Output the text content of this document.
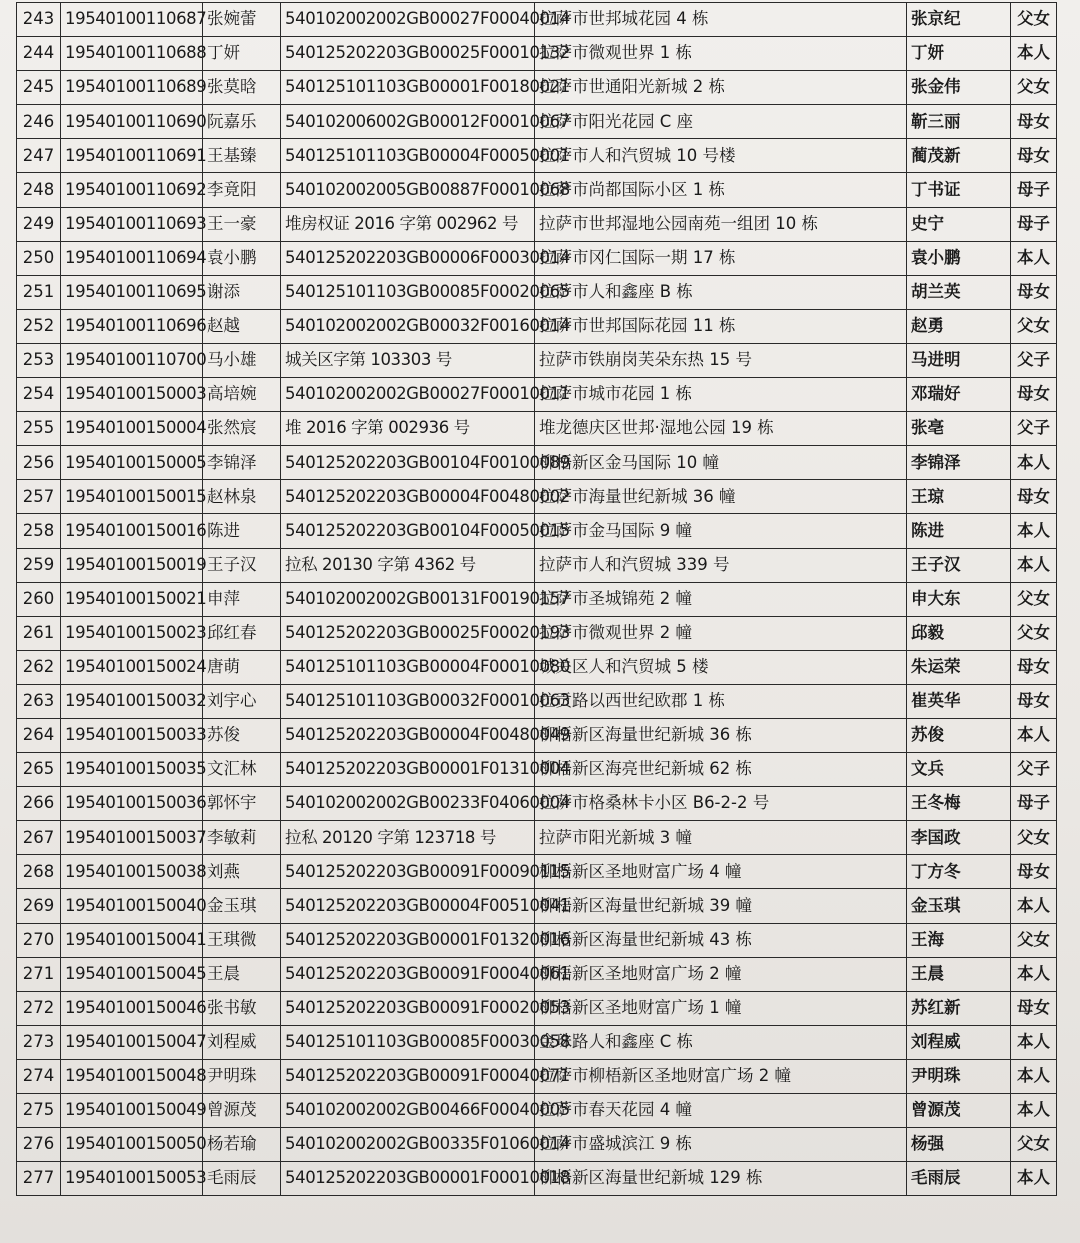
243	19540100110687	张婉蕾	540102002002GB00027F00040014	拉萨市世邦城花园 4 栋	张京纪	父女
244	19540100110688	丁妍	540125202203GB00025F00010132	拉萨市微观世界 1 栋	丁妍	本人
245	19540100110689	张莫晗	540125101103GB00001F00180021	拉萨市世通阳光新城 2 栋	张金伟	父女
246	19540100110690	阮嘉乐	540102006002GB00012F00010067	拉萨市阳光花园 C 座	靳三丽	母女
247	19540100110691	王基臻	540125101103GB00004F00050001	拉萨市人和汽贸城 10 号楼	蔺茂新	母女
248	19540100110692	李竟阳	540102002005GB00887F00010068	拉萨市尚都国际小区 1 栋	丁书证	母子
249	19540100110693	王一豪	堆房权证 2016 字第 002962 号	拉萨市世邦湿地公园南苑一组团 10 栋	史宁	母子
250	19540100110694	袁小鹏	540125202203GB00006F00030014	拉萨市冈仁国际一期 17 栋	袁小鹏	本人
251	19540100110695	谢添	540125101103GB00085F00020065	拉萨市人和鑫座 B 栋	胡兰英	母女
252	19540100110696	赵越	540102002002GB00032F00160014	拉萨市世邦国际花园 11 栋	赵勇	父女
253	19540100110700	马小雄	城关区字第 103303 号	拉萨市铁崩岗芙朵东热 15 号	马进明	父子
254	19540100150003	高培婉	540102002002GB00027F00010011	拉萨市城市花园 1 栋	邓瑞好	母女
255	19540100150004	张然宸	堆 2016 字第 002936 号	堆龙德庆区世邦·湿地公园 19 栋	张亳	父子
256	19540100150005	李锦泽	540125202203GB00104F00100089	柳梧新区金马国际 10 幢	李锦泽	本人
257	19540100150015	赵林泉	540125202203GB00004F00480002	拉萨市海量世纪新城 36 幢	王琼	母女
258	19540100150016	陈进	540125202203GB00104F00050015	拉萨市金马国际 9 幢	陈进	本人
259	19540100150019	王子汉	拉私 20130 字第 4362 号	拉萨市人和汽贸城 339 号	王子汉	本人
260	19540100150021	申萍	540102002002GB00131F00190157	拉萨市圣城锦苑 2 幢	申大东	父女
261	19540100150023	邱红春	540125202203GB00025F00020193	拉萨市微观世界 2 幢	邱毅	父女
262	19540100150024	唐萌	540125101103GB00004F00010080	城关区人和汽贸城 5 楼	朱运荣	母女
263	19540100150032	刘宇心	540125101103GB00032F00010063	拉贡路以西世纪欧郡 1 栋	崔英华	母女
264	19540100150033	苏俊	540125202203GB00004F00480049	柳梧新区海量世纪新城 36 栋	苏俊	本人
265	19540100150035	文汇林	540125202203GB00001F01310004	柳梧新区海亮世纪新城 62 栋	文兵	父子
266	19540100150036	郭怀宇	540102002002GB00233F04060004	拉萨市格桑林卡小区 B6-2-2 号	王冬梅	母子
267	19540100150037	李敏莉	拉私 20120 字第 123718 号	拉萨市阳光新城 3 幢	李国政	父女
268	19540100150038	刘燕	540125202203GB00091F00090115	柳梧新区圣地财富广场 4 幢	丁方冬	母女
269	19540100150040	金玉琪	540125202203GB00004F00510041	柳梧新区海量世纪新城 39 幢	金玉琪	本人
270	19540100150041	王琪微	540125202203GB00001F01320016	柳梧新区海量世纪新城 43 栋	王海	父女
271	19540100150045	王晨	540125202203GB00091F00040061	柳梧新区圣地财富广场 2 幢	王晨	本人
272	19540100150046	张书敏	540125202203GB00091F00020053	柳梧新区圣地财富广场 1 幢	苏红新	母女
273	19540100150047	刘程威	540125101103GB00085F00030058	金珠路人和鑫座 C 栋	刘程威	本人
274	19540100150048	尹明珠	540125202203GB00091F00040071	拉萨市柳梧新区圣地财富广场 2 幢	尹明珠	本人
275	19540100150049	曾源茂	540102002002GB00466F00040005	拉萨市春天花园 4 幢	曾源茂	本人
276	19540100150050	杨若瑜	540102002002GB00335F01060014	拉萨市盛城滨江 9 栋	杨强	父女
277	19540100150053	毛雨辰	540125202203GB00001F00010018	柳梧新区海量世纪新城 129 栋	毛雨辰	本人
